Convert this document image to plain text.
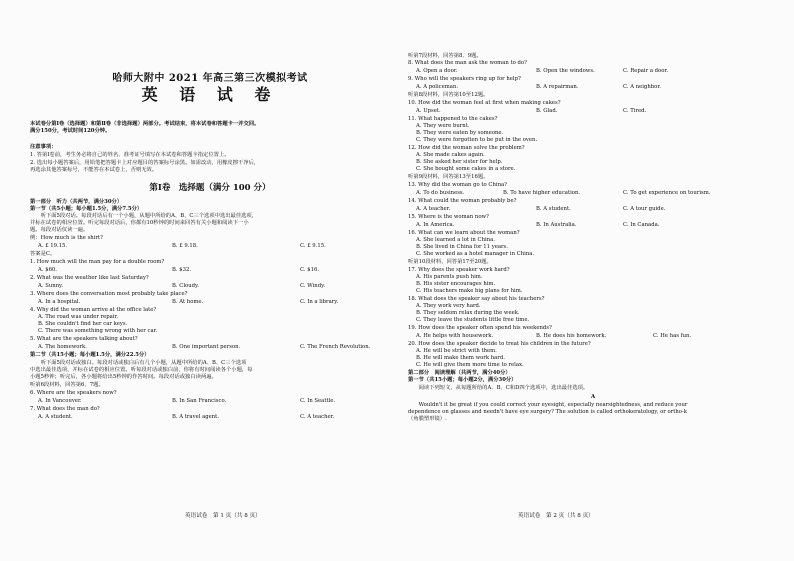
哈师大附中 2021 年高三第三次模拟考试
英 语 试 卷
本试卷分第Ⅰ卷（选择题）和第Ⅱ卷（非选择题）两部分。考试结束，将本试卷和答题卡一并交回。
满分150分，考试时间120分钟。
注意事项：
1. 答第Ⅰ卷前，考生务必将自己的姓名、准考证号填写在本试卷和答题卡指定位置上。
2. 选出每小题答案后，用铅笔把答题卡上对应题目的答案标号涂黑。如需改动，用橡皮擦干净后，
再选涂其他答案标号，不能答在本试卷上，否则无效。
第Ⅰ卷　选择题（满分 100 分）
第一部分　听力（共两节，满分30分）
第一节（共5小题；每小题1.5分，满分7.5分）
　　听下面5段对话。每段对话后有一个小题，从题中所给的A、B、C三个选项中选出最佳选项，
并标在试卷的相应位置。听完每段对话后，你都有10秒钟的时间来回答有关小题和阅读下一小
题。每段对话仅读一遍。
例：How much is the shirt?
A. £ 19.15.	B. £ 9.18.	C. £ 9.15.
答案是C。
1. How much will the man pay for a double room?
A. $60.	B. $32.	C. $16.
2. What was the weather like last Saturday?
A. Sunny.	B. Cloudy.	C. Windy.
3. Where does the conversation most probably take place?
A. In a hospital.	B. At home.	C. In a library.
4. Why did the woman arrive at the office late?
A. The road was under repair.
B. She couldn't find her car keys.
C. There was something wrong with her car.
5. What are the speakers talking about?
A. The homework.	B. One important person.	C. The French Revolution.
第二节（共15小题；每小题1.5分，满分22.5分）
　　听下面5段对话或独白。每段对话或独白后有几个小题，从题中所给的A、B、C三个选项
中选出最佳选项，并标在试卷的相应位置。听每段对话或独白前，你将有时间阅读各个小题，每
小题5秒钟；听完后，各小题将给出5秒钟的作答时间。每段对话或独白读两遍。
听第6段材料，回答第6、7题。
6. Where are the speakers now?
A. In Vancouver.	B. In San Francisco.	C. In Seattle.
7. What does the man do?
A. A student.	B. A travel agent.	C. A teacher.
英语试卷　第 1 页（共 8 页）
听第7段材料，回答第8、9题。
8. What does the man ask the woman to do?
A. Open a door.	B. Open the windows.	C. Repair a door.
9. Who will the speakers ring up for help?
A. A policeman.	B. A repairman.	C. A neighbor.
听第8段材料，回答第10至12题。
10. How did the woman feel at first when making cakes?
A. Upset.	B. Glad.	C. Tired.
11. What happened to the cakes?
A. They were burnt.
B. They were eaten by someone.
C. They were forgotten to be put in the oven.
12. How did the woman solve the problem?
A. She made cakes again.
B. She asked her sister for help.
C. She bought some cakes in a store.
听第9段材料，回答第13至16题。
13. Why did the woman go to China?
A. To do business.	B. To have higher education.	C. To get experience on tourism.
14. What could the woman probably be?
A. A teacher.	B. A student.	C. A tour guide.
15. Where is the woman now?
A. In America.	B. In Australia.	C. In Canada.
16. What can we learn about the woman?
A. She learned a lot in China.
B. She lived in China for 11 years.
C. She worked as a hotel manager in China.
听第10段材料，回答第17至20题。
17. Why does the speaker work hard?
A. His parents push him.
B. His sister encourages him.
C. His teachers make big plans for him.
18. What does the speaker say about his teachers?
A. They work very hard.
B. They seldom relax during the week.
C. They leave the students little free time.
19. How does the speaker often spend his weekends?
A. He helps with housework.	B. He does his homework.	C. He has fun.
20. How does the speaker decide to treat his children in the future?
A. He will be strict with them.
B. He will make them work hard.
C. He will give them more time to relax.
第二部分　阅读理解（共两节，满分40分）
第一节（共15小题；每小题2分，满分30分）
　　阅读下列短文，从每题所给的A、B、C和D四个选项中，选出最佳选项。
A
　　Wouldn't it be great if you could correct your eyesight, especially nearsightedness, and reduce your
dependence on glasses and needn't have eye surgery? The solution is called orthokeratology, or ortho-k
（角膜塑形镜）.
英语试卷　第 2 页（共 8 页）
